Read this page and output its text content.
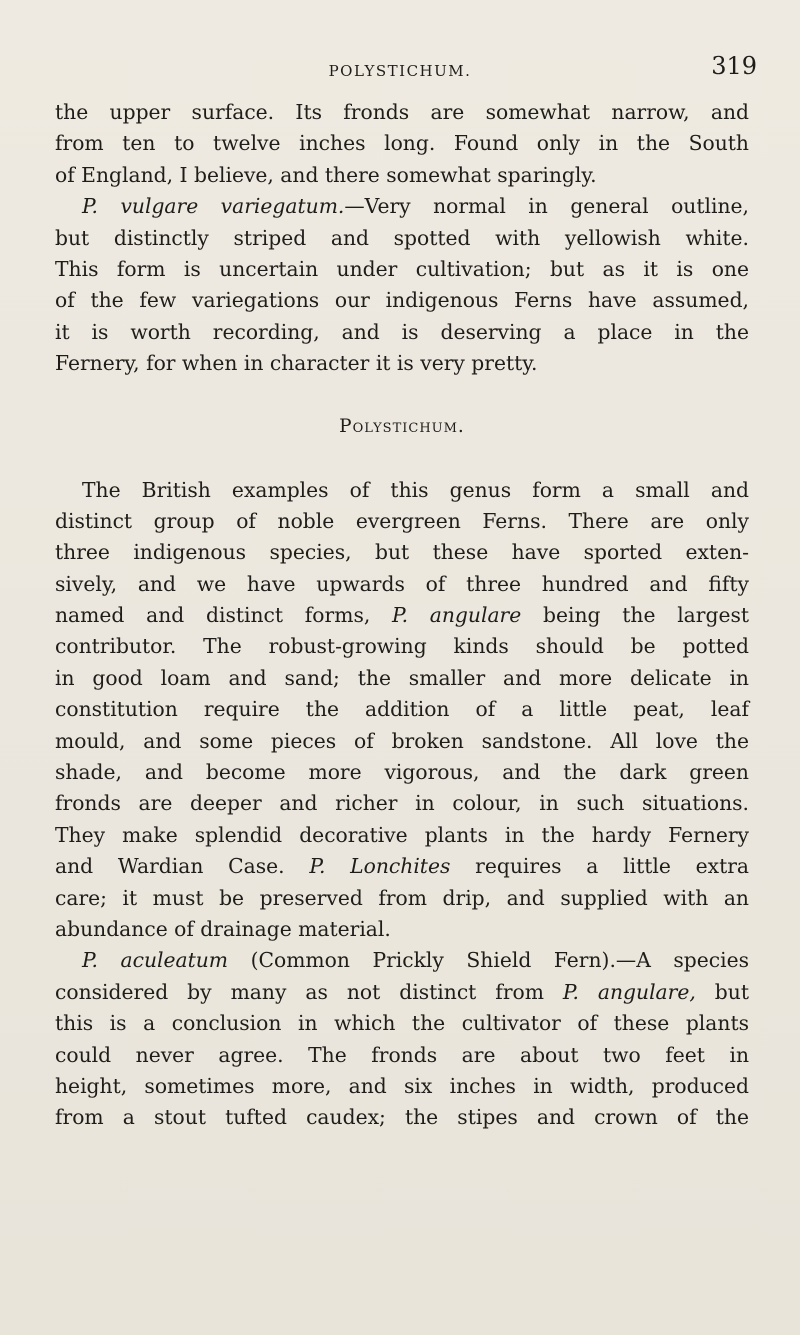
POLYSTICHUM.	319
the upper surface. Its fronds are somewhat narrow, and
from ten to twelve inches long. Found only in the South
of England, I believe, and there somewhat sparingly.
P. vulgare variegatum.—Very normal in general outline,
but distinctly striped and spotted with yellowish white.
This form is uncertain under cultivation; but as it is one
of the few variegations our indigenous Ferns have assumed,
it is worth recording, and is deserving a place in the
Fernery, for when in character it is very pretty.
Polystichum.
The British examples of this genus form a small and
distinct group of noble evergreen Ferns. There are only
three indigenous species, but these have sported exten-
sively, and we have upwards of three hundred and fifty
named and distinct forms, P. angulare being the largest
contributor. The robust-growing kinds should be potted
in good loam and sand; the smaller and more delicate in
constitution require the addition of a little peat, leaf
mould, and some pieces of broken sandstone. All love the
shade, and become more vigorous, and the dark green
fronds are deeper and richer in colour, in such situations.
They make splendid decorative plants in the hardy Fernery
and Wardian Case. P. Lonchites requires a little extra
care; it must be preserved from drip, and supplied with an
abundance of drainage material.
P. aculeatum (Common Prickly Shield Fern).—A species
considered by many as not distinct from P. angulare, but
this is a conclusion in which the cultivator of these plants
could never agree. The fronds are about two feet in
height, sometimes more, and six inches in width, produced
from a stout tufted caudex; the stipes and crown of the
